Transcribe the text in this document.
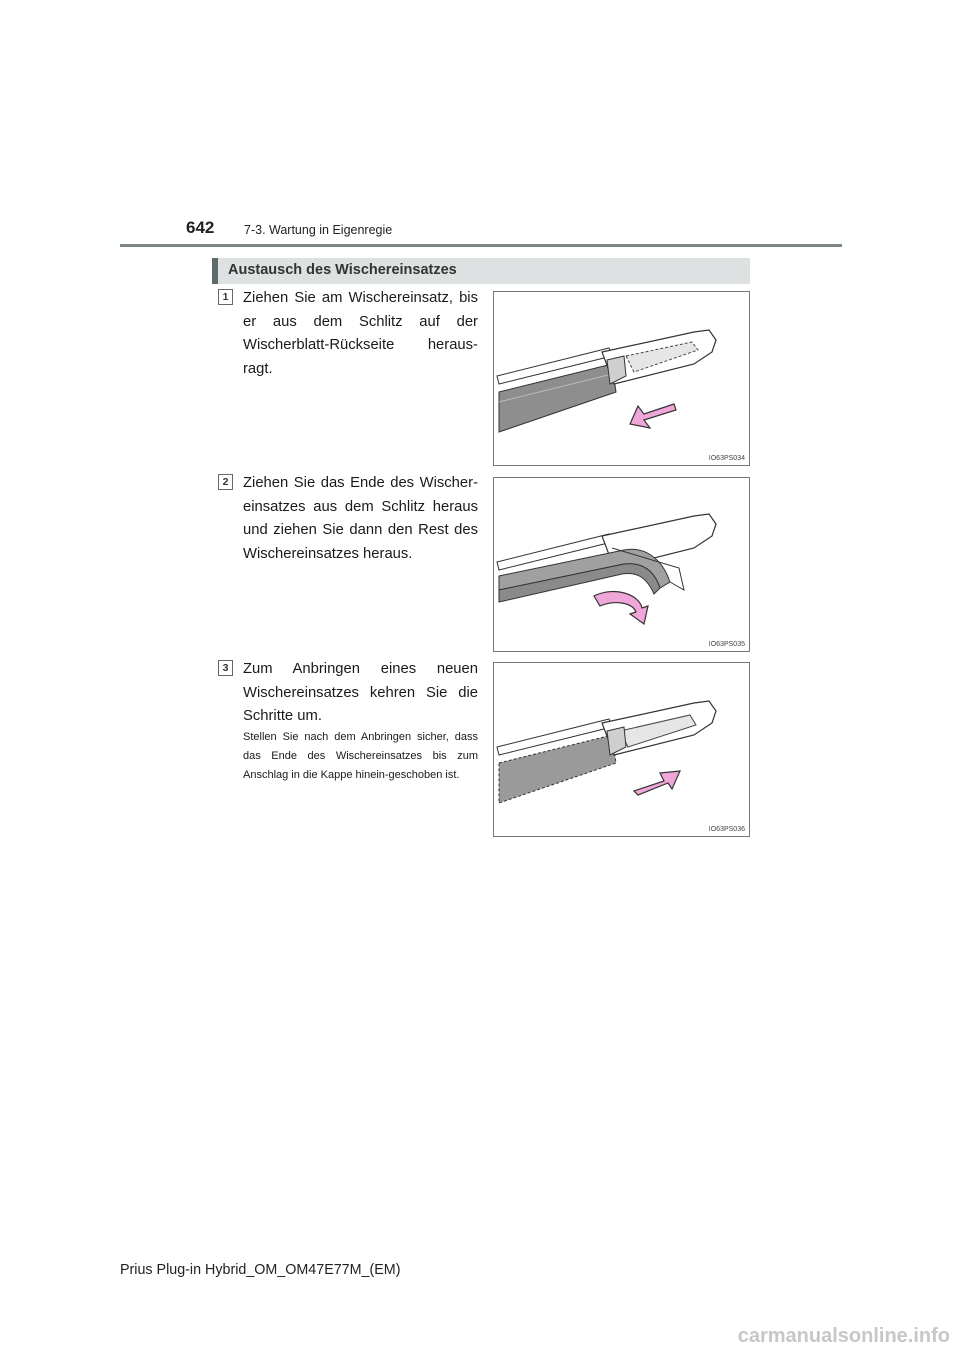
642 7-3. Wartung in Eigenregie
Austausch des Wischereinsatzes
1 Ziehen Sie am Wischereinsatz, bis er aus dem Schlitz auf der Wischerblatt-Rückseite heraus-ragt.
IO63PS034
2 Ziehen Sie das Ende des Wischer-einsatzes aus dem Schlitz heraus und ziehen Sie dann den Rest des Wischereinsatzes heraus.
IO63PS035
3 Zum Anbringen eines neuen Wischereinsatzes kehren Sie die Schritte um.
Stellen Sie nach dem Anbringen sicher, dass das Ende des Wischereinsatzes bis zum Anschlag in die Kappe hinein-geschoben ist.
IO63PS036
Prius Plug-in Hybrid_OM_OM47E77M_(EM)
carmanualsonline.info
